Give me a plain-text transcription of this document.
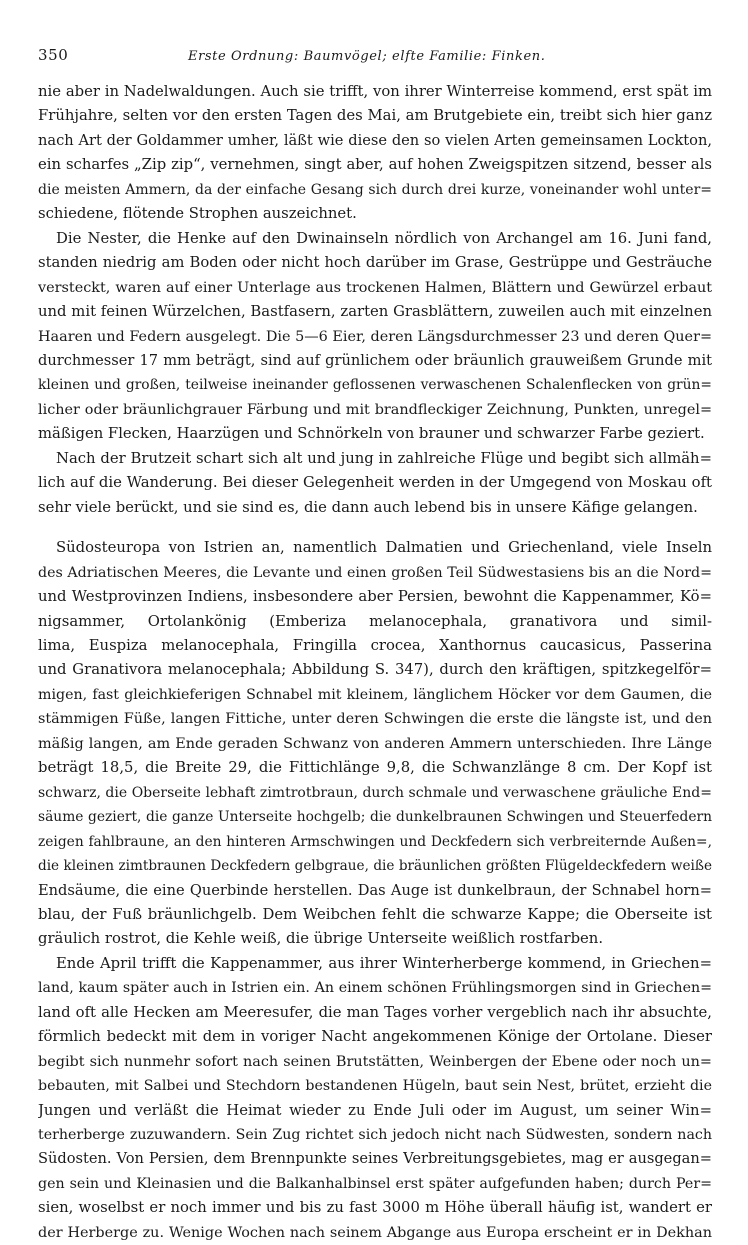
350	Erste Ordnung: Baumvögel; elfte Familie: Finken.
nie aber in Nadelwaldungen. Auch sie trifft, von ihrer Winterreise kommend, erst spät im
Frühjahre, selten vor den ersten Tagen des Mai, am Brutgebiete ein, treibt sich hier ganz
nach Art der Goldammer umher, läßt wie diese den so vielen Arten gemeinsamen Lockton,
ein scharfes „Zip zip“, vernehmen, singt aber, auf hohen Zweigspitzen sitzend, besser als
die meisten Ammern, da der einfache Gesang sich durch drei kurze, voneinander wohl unter=
schiedene, flötende Strophen auszeichnet.
Die Nester, die Henke auf den Dwinainseln nördlich von Archangel am 16. Juni fand,
standen niedrig am Boden oder nicht hoch darüber im Grase, Gestrüppe und Gesträuche
versteckt, waren auf einer Unterlage aus trockenen Halmen, Blättern und Gewürzel erbaut
und mit feinen Würzelchen, Bastfasern, zarten Grasblättern, zuweilen auch mit einzelnen
Haaren und Federn ausgelegt. Die 5—6 Eier, deren Längsdurchmesser 23 und deren Quer=
durchmesser 17 mm beträgt, sind auf grünlichem oder bräunlich grauweißem Grunde mit
kleinen und großen, teilweise ineinander geflossenen verwaschenen Schalenflecken von grün=
licher oder bräunlichgrauer Färbung und mit brandfleckiger Zeichnung, Punkten, unregel=
mäßigen Flecken, Haarzügen und Schnörkeln von brauner und schwarzer Farbe geziert.
Nach der Brutzeit schart sich alt und jung in zahlreiche Flüge und begibt sich allmäh=
lich auf die Wanderung. Bei dieser Gelegenheit werden in der Umgegend von Moskau oft
sehr viele berückt, und sie sind es, die dann auch lebend bis in unsere Käfige gelangen.
Südosteuropa von Istrien an, namentlich Dalmatien und Griechenland, viele Inseln
des Adriatischen Meeres, die Levante und einen großen Teil Südwestasiens bis an die Nord=
und Westprovinzen Indiens, insbesondere aber Persien, bewohnt die Kappenammer, Kö=
nigsammer, Ortolankönig (Emberiza melanocephala, granativora und simil-
lima, Euspiza melanocephala, Fringilla crocea, Xanthornus caucasicus, Passerina
und Granativora melanocephala; Abbildung S. 347), durch den kräftigen, spitzkegelför=
migen, fast gleichkieferigen Schnabel mit kleinem, länglichem Höcker vor dem Gaumen, die
stämmigen Füße, langen Fittiche, unter deren Schwingen die erste die längste ist, und den
mäßig langen, am Ende geraden Schwanz von anderen Ammern unterschieden. Ihre Länge
beträgt 18,5, die Breite 29, die Fittichlänge 9,8, die Schwanzlänge 8 cm. Der Kopf ist
schwarz, die Oberseite lebhaft zimtrotbraun, durch schmale und verwaschene gräuliche End=
säume geziert, die ganze Unterseite hochgelb; die dunkelbraunen Schwingen und Steuerfedern
zeigen fahlbraune, an den hinteren Armschwingen und Deckfedern sich verbreiternde Außen=,
die kleinen zimtbraunen Deckfedern gelbgraue, die bräunlichen größten Flügeldeckfedern weiße
Endsäume, die eine Querbinde herstellen. Das Auge ist dunkelbraun, der Schnabel horn=
blau, der Fuß bräunlichgelb. Dem Weibchen fehlt die schwarze Kappe; die Oberseite ist
gräulich rostrot, die Kehle weiß, die übrige Unterseite weißlich rostfarben.
Ende April trifft die Kappenammer, aus ihrer Winterherberge kommend, in Griechen=
land, kaum später auch in Istrien ein. An einem schönen Frühlingsmorgen sind in Griechen=
land oft alle Hecken am Meeresufer, die man Tages vorher vergeblich nach ihr absuchte,
förmlich bedeckt mit dem in voriger Nacht angekommenen Könige der Ortolane. Dieser
begibt sich nunmehr sofort nach seinen Brutstätten, Weinbergen der Ebene oder noch un=
bebauten, mit Salbei und Stechdorn bestandenen Hügeln, baut sein Nest, brütet, erzieht die
Jungen und verläßt die Heimat wieder zu Ende Juli oder im August, um seiner Win=
terherberge zuzuwandern. Sein Zug richtet sich jedoch nicht nach Südwesten, sondern nach
Südosten. Von Persien, dem Brennpunkte seines Verbreitungsgebietes, mag er ausgegan=
gen sein und Kleinasien und die Balkanhalbinsel erst später aufgefunden haben; durch Per=
sien, woselbst er noch immer und bis zu fast 3000 m Höhe überall häufig ist, wandert er
der Herberge zu. Wenige Wochen nach seinem Abgange aus Europa erscheint er in Dekhan
